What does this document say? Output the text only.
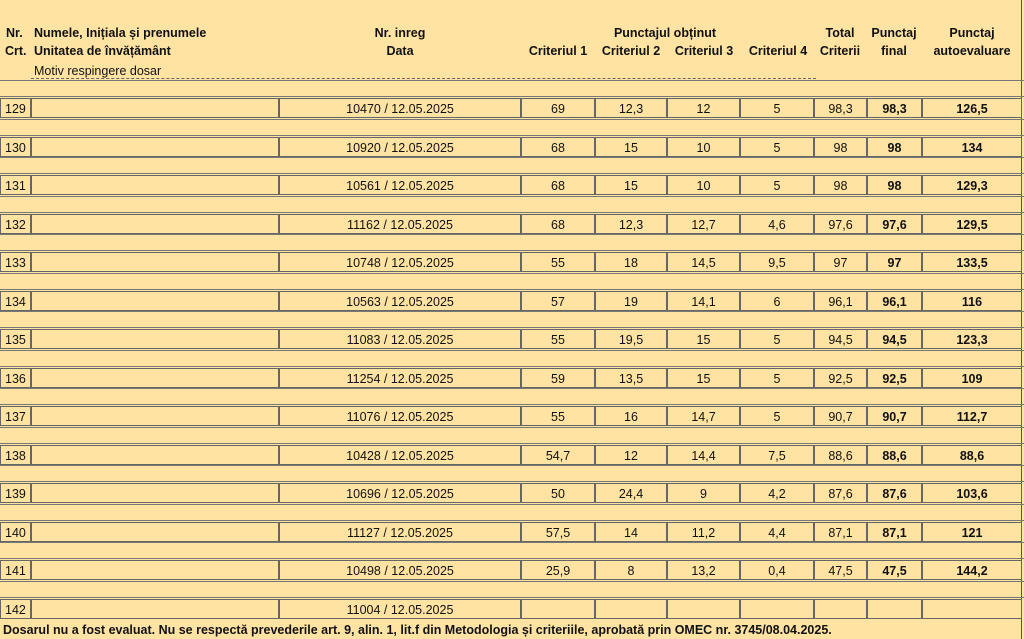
Nr.
Crt.
Numele, Inițiala și prenumele
Unitatea de învățământ
Motiv respingere dosar
Nr. inreg
Data
Punctajul obținut
Criteriul 1	Criteriul 2	Criteriul 3	Criteriul 4
Total
Criterii
Punctaj
final
Punctaj
autoevaluare
129	10470 / 12.05.2025	69	12,3	12	5	98,3	98,3	126,5
130	10920 / 12.05.2025	68	15	10	5	98	98	134
131	10561 / 12.05.2025	68	15	10	5	98	98	129,3
132	11162 / 12.05.2025	68	12,3	12,7	4,6	97,6	97,6	129,5
133	10748 / 12.05.2025	55	18	14,5	9,5	97	97	133,5
134	10563 / 12.05.2025	57	19	14,1	6	96,1	96,1	116
135	11083 / 12.05.2025	55	19,5	15	5	94,5	94,5	123,3
136	11254 / 12.05.2025	59	13,5	15	5	92,5	92,5	109
137	11076 / 12.05.2025	55	16	14,7	5	90,7	90,7	112,7
138	10428 / 12.05.2025	54,7	12	14,4	7,5	88,6	88,6	88,6
139	10696 / 12.05.2025	50	24,4	9	4,2	87,6	87,6	103,6
140	11127 / 12.05.2025	57,5	14	11,2	4,4	87,1	87,1	121
141	10498 / 12.05.2025	25,9	8	13,2	0,4	47,5	47,5	144,2
142	11004 / 12.05.2025
Dosarul nu a fost evaluat. Nu se respectă prevederile art. 9, alin. 1, lit.f din Metodologia și criteriile, aprobată prin OMEC nr. 3745/08.04.2025.
